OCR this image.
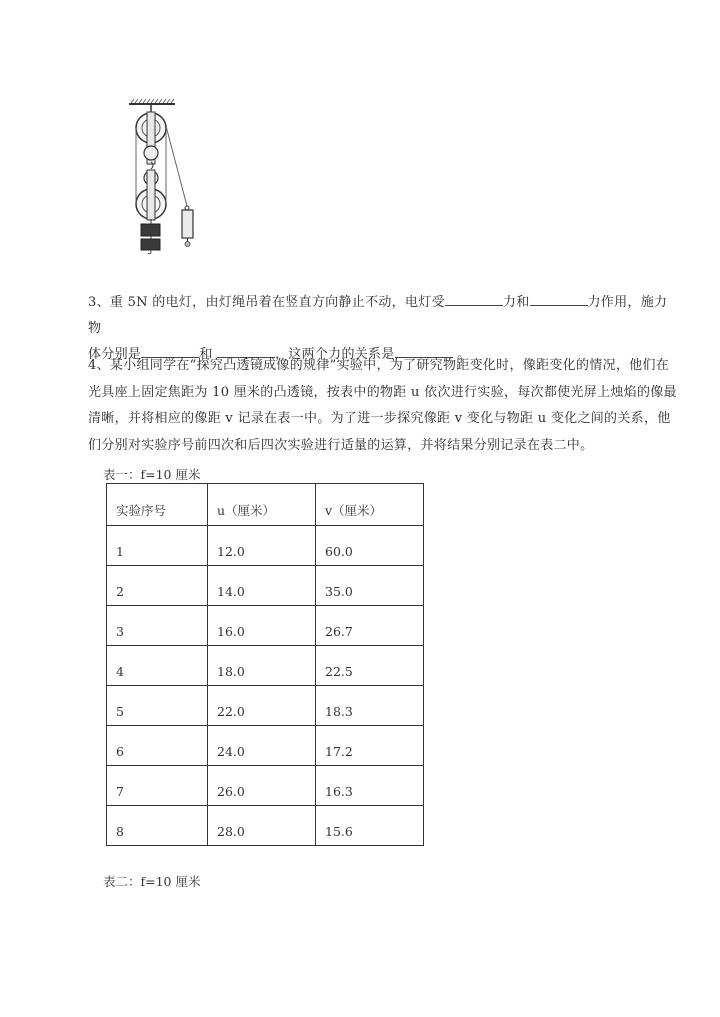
3、重 5N 的电灯，由灯绳吊着在竖直方向静止不动，电灯受	力和	力作用，施力物
体分别是	和	，这两个力的关系是	。
4、某小组同学在“探究凸透镜成像的规律”实验中，为了研究物距变化时，像距变化的情况，他们在光具座上固定焦距为 10 厘米的凸透镜，按表中的物距 u 依次进行实验，每次都使光屏上烛焰的像最清晰，并将相应的像距 v 记录在表一中。为了进一步探究像距 v 变化与物距 u 变化之间的关系，他们分别对实验序号前四次和后四次实验进行适量的运算，并将结果分别记录在表二中。
表一：f=10 厘米
实验序号	u（厘米）	v（厘米）
1	12.0	60.0
2	14.0	35.0
3	16.0	26.7
4	18.0	22.5
5	22.0	18.3
6	24.0	17.2
7	26.0	16.3
8	28.0	15.6
表二：f=10 厘米
